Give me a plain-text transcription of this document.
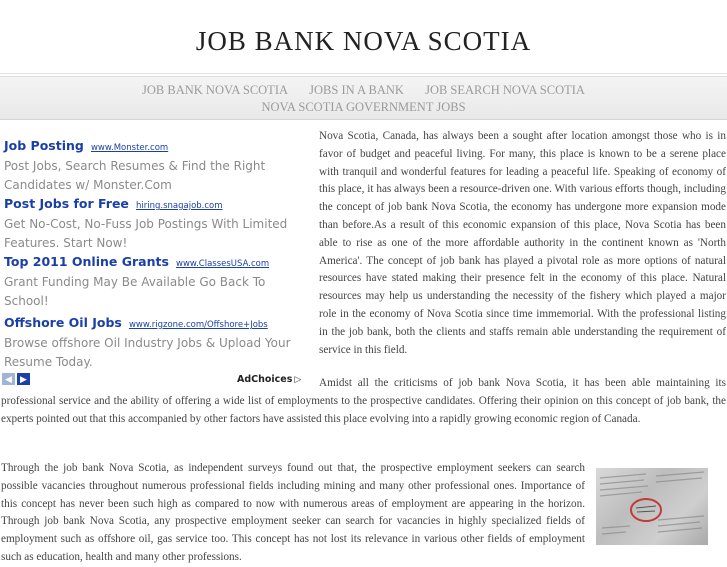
JOB BANK NOVA SCOTIA
JOB BANK NOVA SCOTIA JOBS IN A BANK JOB SEARCH NOVA SCOTIA
NOVA SCOTIA GOVERNMENT JOBS
Job Posting www.Monster.com
Post Jobs, Search Resumes & Find the Right Candidates w/ Monster.Com
Post Jobs for Free hiring.snagajob.com
Get No-Cost, No-Fuss Job Postings With Limited Features. Start Now!
Top 2011 Online Grants www.ClassesUSA.com
Grant Funding May Be Available Go Back To School!
Offshore Oil Jobs www.rigzone.com/Offshore+Jobs
Browse offshore Oil Industry Jobs & Upload Your Resume Today.
◀ ▶	AdChoices ▷
Nova Scotia, Canada, has always been a sought after location amongst those who is in favor of budget and peaceful living. For many, this place is known to be a serene place with tranquil and wonderful features for leading a peaceful life. Speaking of economy of this place, it has always been a resource-driven one. With various efforts though, including the concept of job bank Nova Scotia, the economy has undergone more expansion mode than before.As a result of this economic expansion of this place, Nova Scotia has been able to rise as one of the more affordable authority in the continent known as 'North America'. The concept of job bank has played a pivotal role as more options of natural resources have stated making their presence felt in the economy of this place. Natural resources may help us understanding the necessity of the fishery which played a major role in the economy of Nova Scotia since time immemorial. With the professional listing in the job bank, both the clients and staffs remain able understanding the requirement of service in this field.
Amidst all the criticisms of job bank Nova Scotia, it has been able maintaining its professional service and the ability of offering a wide list of employments to the prospective candidates. Offering their opinion on this concept of job bank, the experts pointed out that this accompanied by other factors have assisted this place evolving into a rapidly growing economic region of Canada.
Through the job bank Nova Scotia, as independent surveys found out that, the prospective employment seekers can search possible vacancies throughout numerous professional fields including mining and many other professional ones. Importance of this concept has never been such high as compared to now with numerous areas of employment are appearing in the horizon. Through job bank Nova Scotia, any prospective employment seeker can search for vacancies in highly specialized fields of employment such as offshore oil, gas service too. This concept has not lost its relevance in various other fields of employment such as education, health and many other professions.
